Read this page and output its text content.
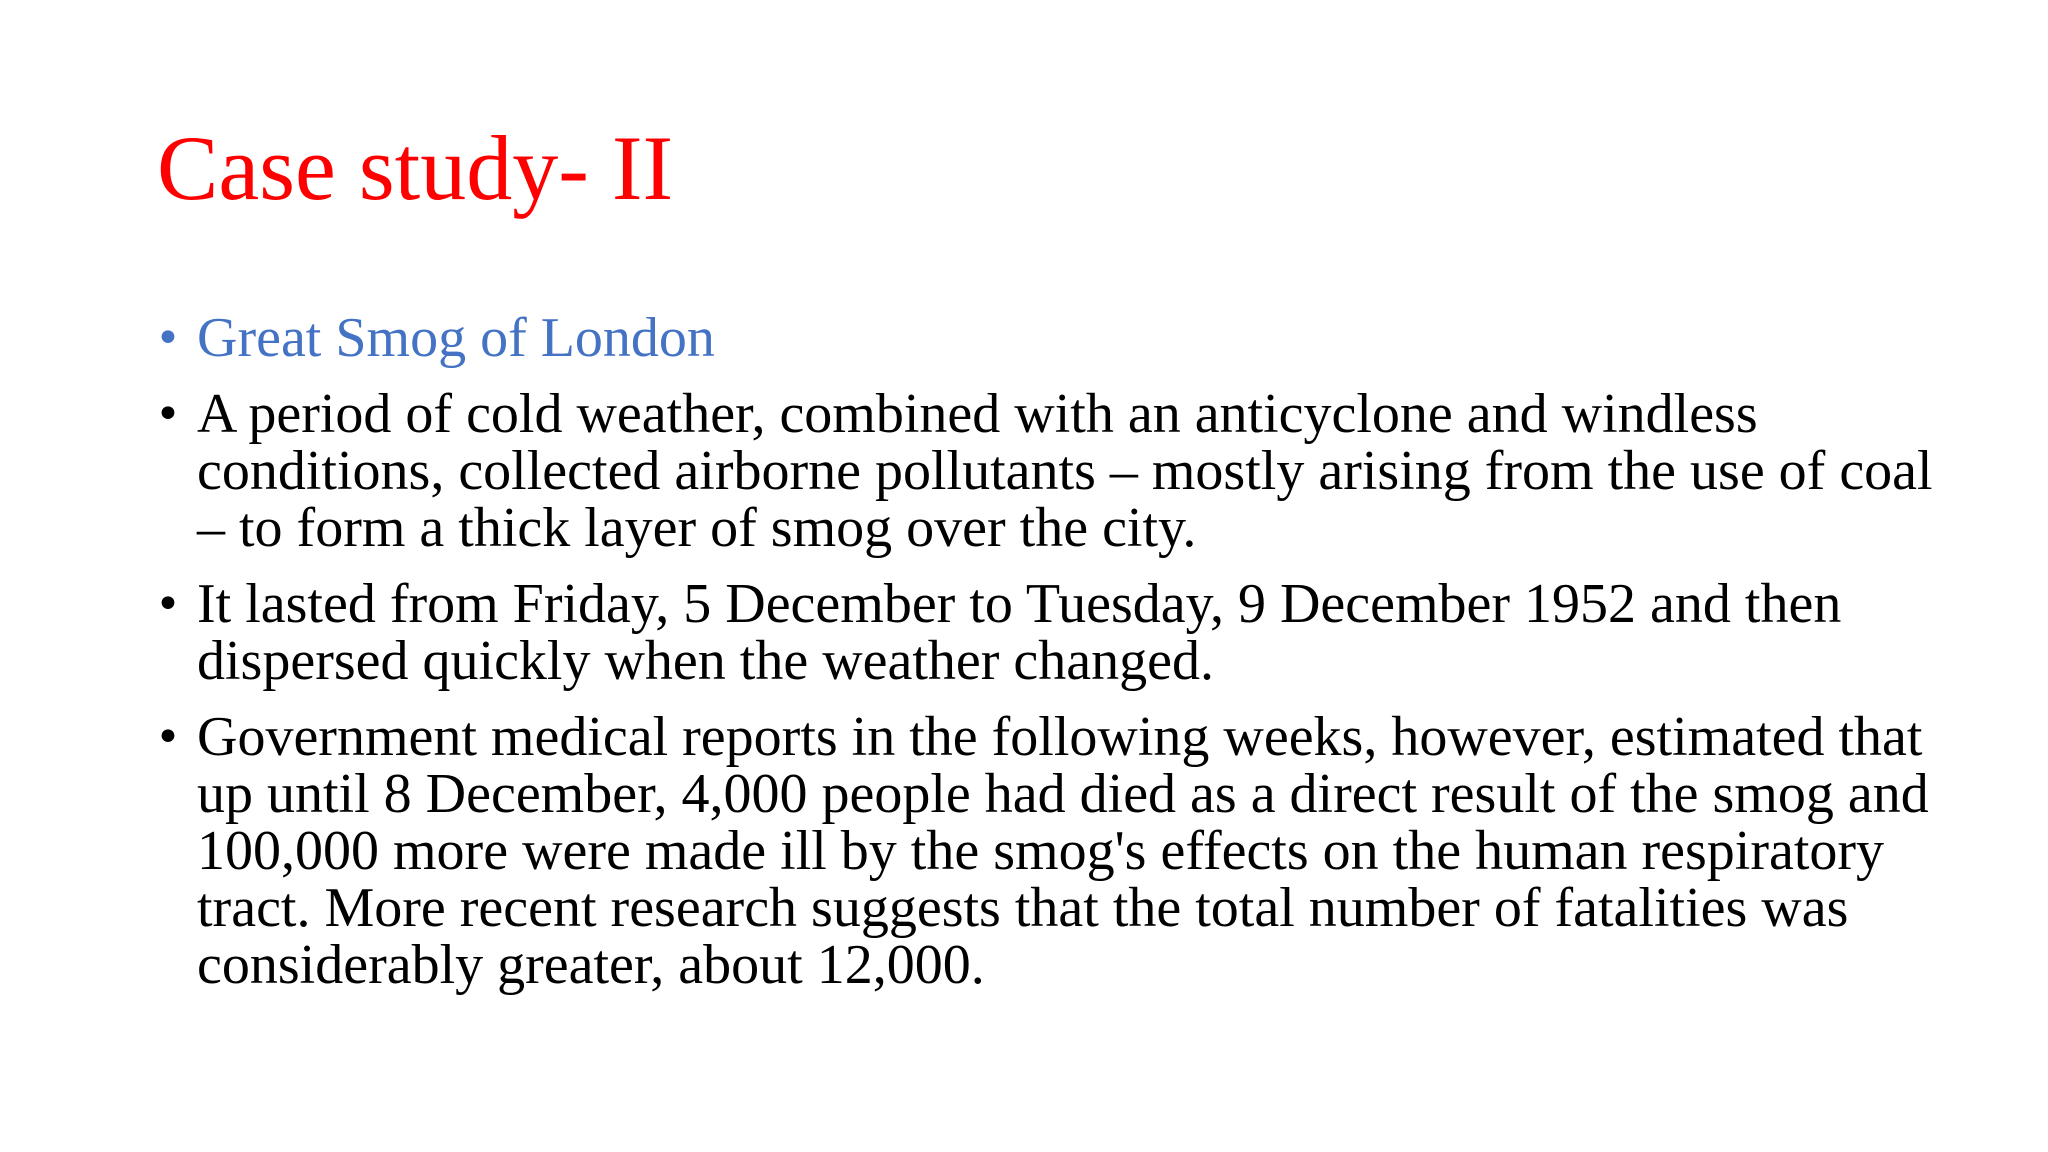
Case study- II
• Great Smog of London
• A period of cold weather, combined with an anticyclone and windless conditions, collected airborne pollutants – mostly arising from the use of coal – to form a thick layer of smog over the city.
• It lasted from Friday, 5 December to Tuesday, 9 December 1952 and then dispersed quickly when the weather changed.
• Government medical reports in the following weeks, however, estimated that up until 8 December, 4,000 people had died as a direct result of the smog and 100,000 more were made ill by the smog's effects on the human respiratory tract. More recent research suggests that the total number of fatalities was considerably greater, about 12,000.
